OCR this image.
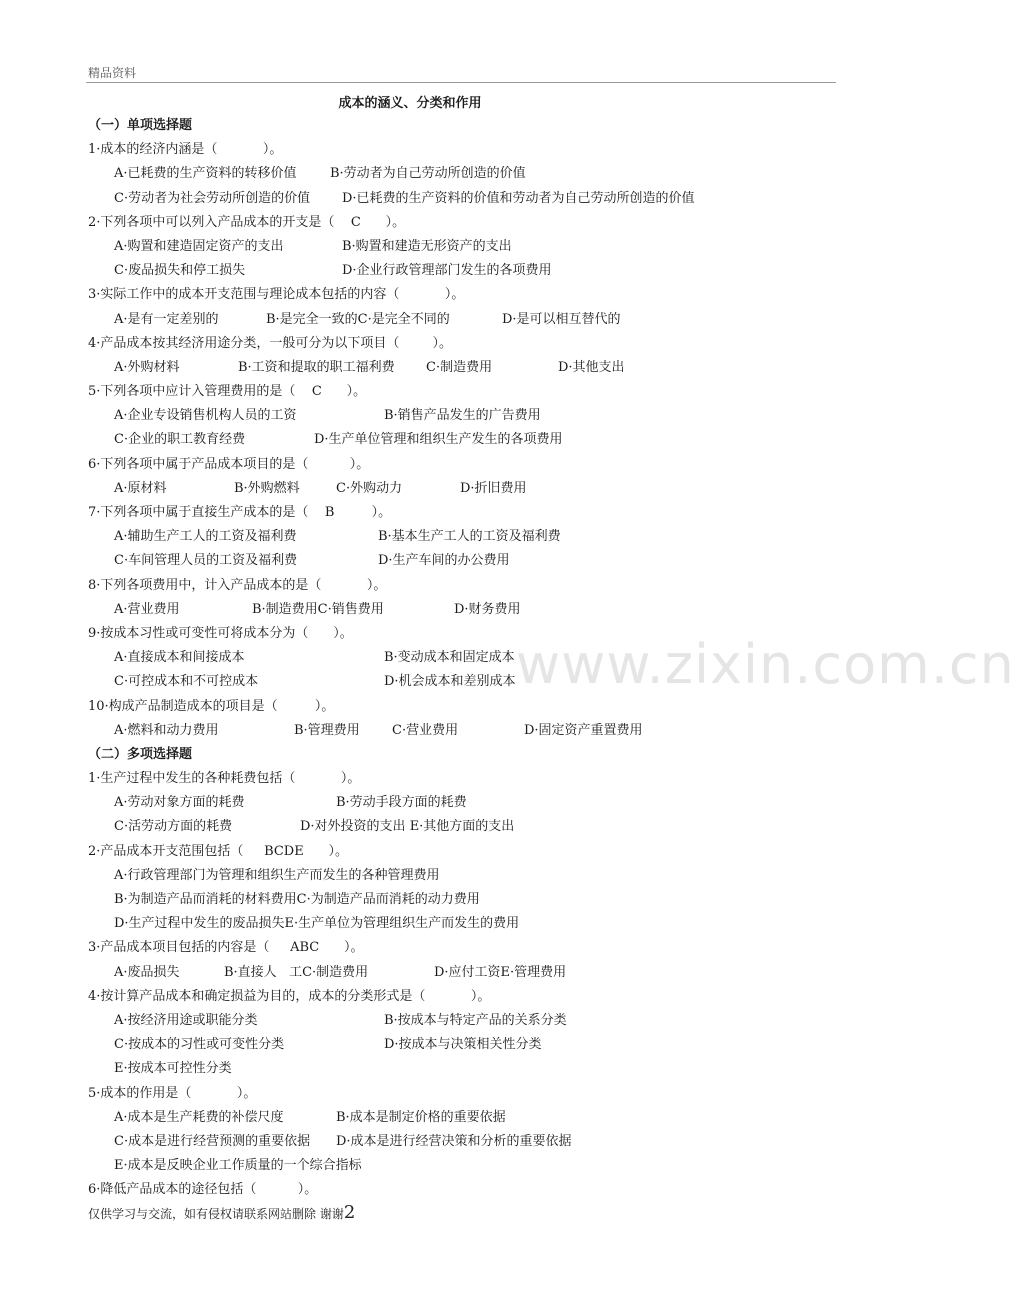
精品资料
成本的涵义、分类和作用
（一）单项选择题
1·成本的经济内涵是（           ）。
A·已耗费的生产资料的转移价值	B·劳动者为自己劳动所创造的价值
C·劳动者为社会劳动所创造的价值 D·已耗费的生产资料的价值和劳动者为自己劳动所创造的价值
2·下列各项中可以列入产品成本的开支是（    C      ）。
A·购置和建造固定资产的支出	B·购置和建造无形资产的支出
C·废品损失和停工损失	D·企业行政管理部门发生的各项费用
3·实际工作中的成本开支范围与理论成本包括的内容（           ）。
A·是有一定差别的	B·是完全一致的C·是完全不同的	D·是可以相互替代的
4·产品成本按其经济用途分类，一般可分为以下项目（        ）。
A·外购材料	B·工资和提取的职工福利费 C·制造费用	D·其他支出
5·下列各项中应计入管理费用的是（    C      ）。
A·企业专设销售机构人员的工资	B·销售产品发生的广告费用
C·企业的职工教育经费	D·生产单位管理和组织生产发生的各项费用
6·下列各项中属于产品成本项目的是（          ）。
A·原材料	B·外购燃料	C·外购动力	D·折旧费用
7·下列各项中属于直接生产成本的是（    B         ）。
A·辅助生产工人的工资及福利费	B·基本生产工人的工资及福利费
C·车间管理人员的工资及福利费	D·生产车间的办公费用
8·下列各项费用中，计入产品成本的是（           ）。
A·营业费用	B·制造费用C·销售费用	D·财务费用
9·按成本习性或可变性可将成本分为（      ）。
A·直接成本和间接成本	B·变动成本和固定成本
C·可控成本和不可控成本	D·机会成本和差别成本
10·构成产品制造成本的项目是（         ）。
A·燃料和动力费用	B·管理费用 C·营业费用	D·固定资产重置费用
（二）多项选择题
1·生产过程中发生的各种耗费包括（           ）。
A·劳动对象方面的耗费	B·劳动手段方面的耗费
C·活劳动方面的耗费	D·对外投资的支出 E·其他方面的支出
2·产品成本开支范围包括（     BCDE      ）。
A·行政管理部门为管理和组织生产而发生的各种管理费用
B·为制造产品而消耗的材料费用C·为制造产品而消耗的动力费用
D·生产过程中发生的废品损失E·生产单位为管理组织生产而发生的费用
3·产品成本项目包括的内容是（     ABC      ）。
A·废品损失	B·直接人   工C·制造费用	D·应付工资E·管理费用
4·按计算产品成本和确定损益为目的，成本的分类形式是（           ）。
A·按经济用途或职能分类	B·按成本与特定产品的关系分类
C·按成本的习性或可变性分类	D·按成本与决策相关性分类
E·按成本可控性分类
5·成本的作用是（           ）。
A·成本是生产耗费的补偿尺度	B·成本是制定价格的重要依据
C·成本是进行经营预测的重要依据 D·成本是进行经营决策和分析的重要依据
E·成本是反映企业工作质量的一个综合指标
6·降低产品成本的途径包括（          ）。
www.zixin.com.cn
仅供学习与交流，如有侵权请联系网站删除 谢谢2
